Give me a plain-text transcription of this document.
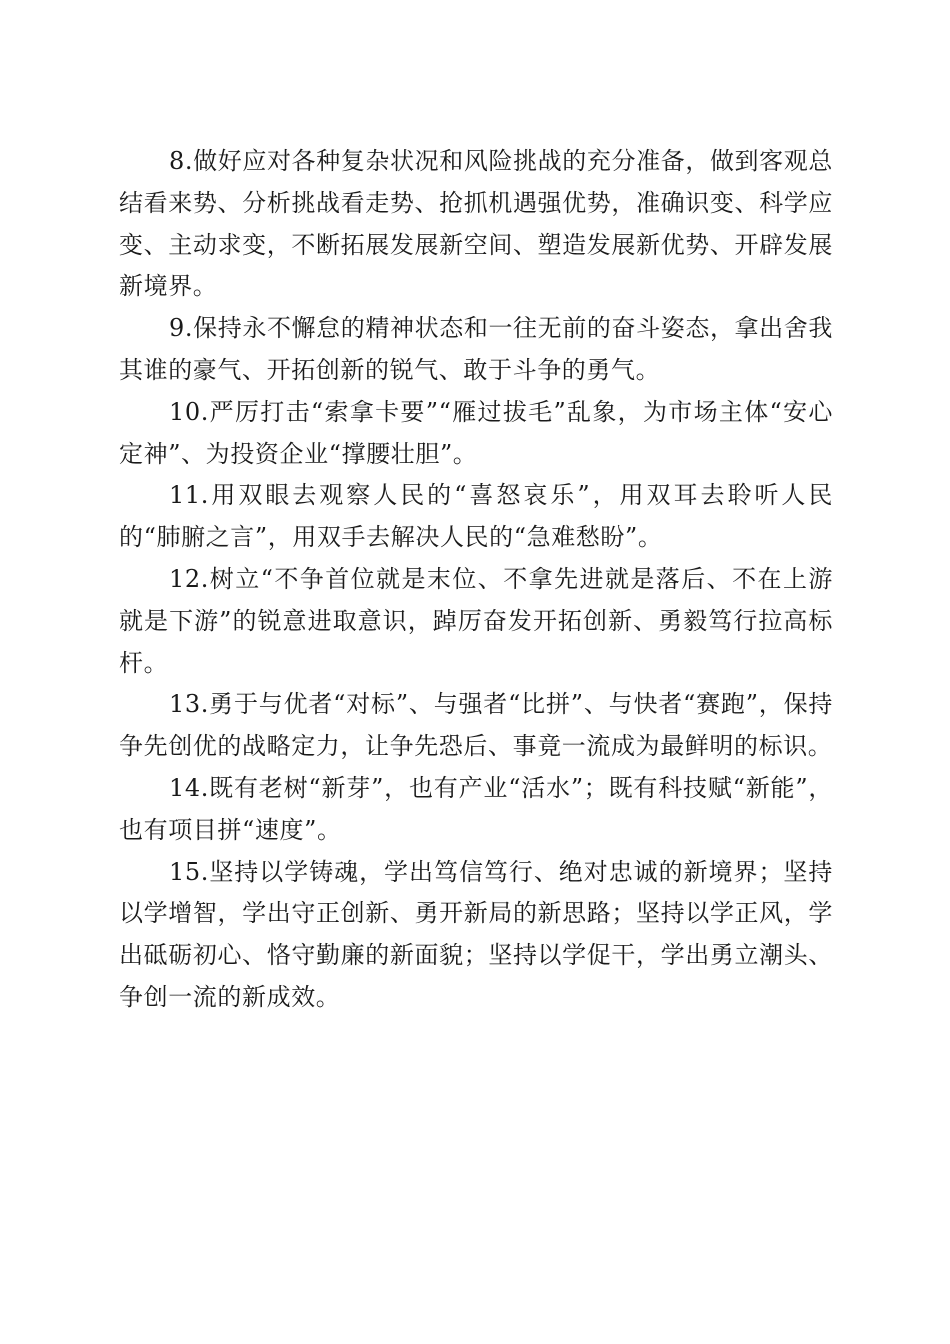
8.做好应对各种复杂状况和风险挑战的充分准备，做到客观总结看来势、分析挑战看走势、抢抓机遇强优势，准确识变、科学应变、主动求变，不断拓展发展新空间、塑造发展新优势、开辟发展新境界。

9.保持永不懈怠的精神状态和一往无前的奋斗姿态，拿出舍我其谁的豪气、开拓创新的锐气、敢于斗争的勇气。

10.严厉打击“索拿卡要”“雁过拔毛”乱象，为市场主体“安心定神”、为投资企业“撑腰壮胆”。

11.用双眼去观察人民的“喜怒哀乐”，用双耳去聆听人民的“肺腑之言”，用双手去解决人民的“急难愁盼”。

12.树立“不争首位就是末位、不拿先进就是落后、不在上游就是下游”的锐意进取意识，踔厉奋发开拓创新、勇毅笃行拉高标杆。

13.勇于与优者“对标”、与强者“比拼”、与快者“赛跑”，保持争先创优的战略定力，让争先恐后、事竟一流成为最鲜明的标识。

14.既有老树“新芽”，也有产业“活水”；既有科技赋“新能”，也有项目拼“速度”。

15.坚持以学铸魂，学出笃信笃行、绝对忠诚的新境界；坚持以学增智，学出守正创新、勇开新局的新思路；坚持以学正风，学出砥砺初心、恪守勤廉的新面貌；坚持以学促干，学出勇立潮头、争创一流的新成效。
